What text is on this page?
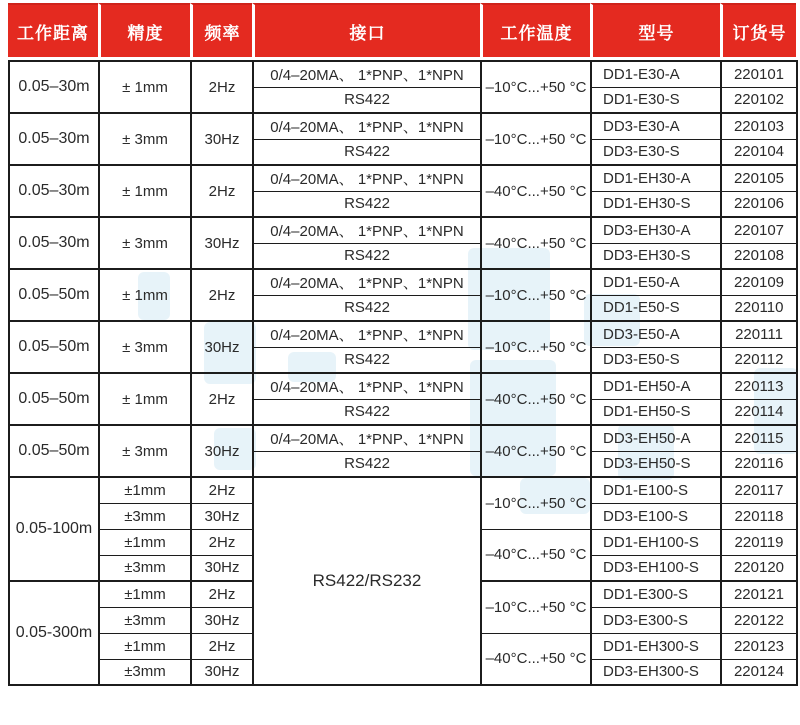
工作距离	精度	频率	接口	工作温度	型号	订货号
0.05–30m	± 1mm	2Hz	0/4–20MA、 1*PNP、1*NPN	–10°C...+50 °C	DD1-E30-A	220101
			RS422		DD1-E30-S	220102
0.05–30m	± 3mm	30Hz	0/4–20MA、 1*PNP、1*NPN	–10°C...+50 °C	DD3-E30-A	220103
			RS422		DD3-E30-S	220104
0.05–30m	± 1mm	2Hz	0/4–20MA、 1*PNP、1*NPN	–40°C...+50 °C	DD1-EH30-A	220105
			RS422		DD1-EH30-S	220106
0.05–30m	± 3mm	30Hz	0/4–20MA、 1*PNP、1*NPN	–40°C...+50 °C	DD3-EH30-A	220107
			RS422		DD3-EH30-S	220108
0.05–50m	± 1mm	2Hz	0/4–20MA、 1*PNP、1*NPN	–10°C...+50 °C	DD1-E50-A	220109
			RS422		DD1-E50-S	220110
0.05–50m	± 3mm	30Hz	0/4–20MA、 1*PNP、1*NPN	–10°C...+50 °C	DD3-E50-A	220111
			RS422		DD3-E50-S	220112
0.05–50m	± 1mm	2Hz	0/4–20MA、 1*PNP、1*NPN	–40°C...+50 °C	DD1-EH50-A	220113
			RS422		DD1-EH50-S	220114
0.05–50m	± 3mm	30Hz	0/4–20MA、 1*PNP、1*NPN	–40°C...+50 °C	DD3-EH50-A	220115
			RS422		DD3-EH50-S	220116
0.05-100m	±1mm	2Hz	RS422/RS232	–10°C...+50 °C	DD1-E100-S	220117
	±3mm	30Hz			DD3-E100-S	220118
	±1mm	2Hz		–40°C...+50 °C	DD1-EH100-S	220119
	±3mm	30Hz			DD3-EH100-S	220120
0.05-300m	±1mm	2Hz		–10°C...+50 °C	DD1-E300-S	220121
	±3mm	30Hz			DD3-E300-S	220122
	±1mm	2Hz		–40°C...+50 °C	DD1-EH300-S	220123
	±3mm	30Hz			DD3-EH300-S	220124
